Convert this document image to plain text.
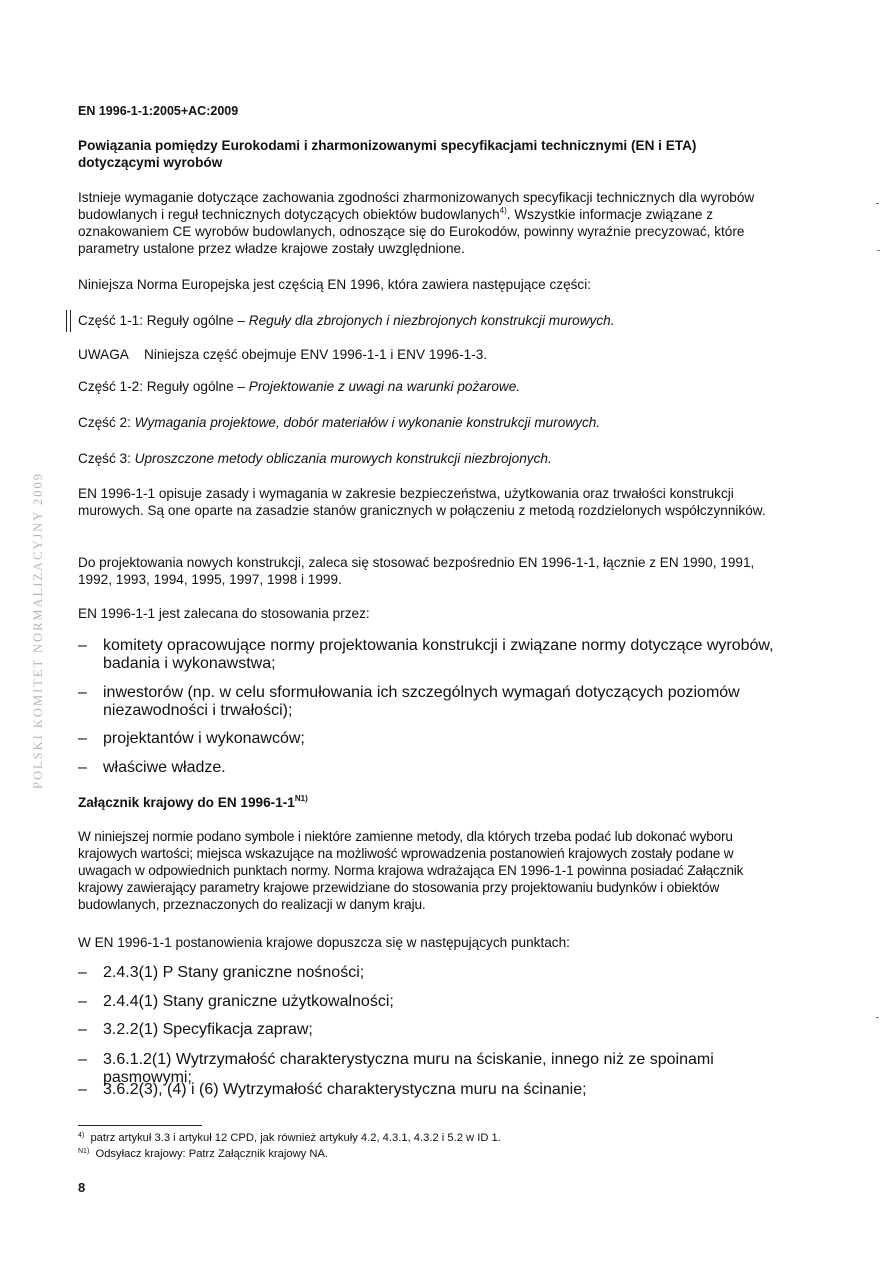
POLSKI KOMITET NORMALIZACYJNY 2009
EN 1996-1-1:2005+AC:2009
Powiązania pomiędzy Eurokodami i zharmonizowanymi specyfikacjami technicznymi (EN i ETA) dotyczącymi wyrobów
Istnieje wymaganie dotyczące zachowania zgodności zharmonizowanych specyfikacji technicznych dla wyrobów budowlanych i reguł technicznych dotyczących obiektów budowlanych$^{4)}$. Wszystkie informacje związane z oznakowaniem CE wyrobów budowlanych, odnoszące się do Eurokodów, powinny wyraźnie precyzować, które parametry ustalone przez władze krajowe zostały uwzględnione.
Niniejsza Norma Europejska jest częścią EN 1996, która zawiera następujące części:
Część 1-1: Reguły ogólne – Reguły dla zbrojonych i niezbrojonych konstrukcji murowych.
UWAGA Niniejsza część obejmuje ENV 1996-1-1 i ENV 1996-1-3.
Część 1-2: Reguły ogólne – Projektowanie z uwagi na warunki pożarowe.
Część 2: Wymagania projektowe, dobór materiałów i wykonanie konstrukcji murowych.
Część 3: Uproszczone metody obliczania murowych konstrukcji niezbrojonych.
EN 1996-1-1 opisuje zasady i wymagania w zakresie bezpieczeństwa, użytkowania oraz trwałości konstrukcji murowych. Są one oparte na zasadzie stanów granicznych w połączeniu z metodą rozdzielonych współczynników.
Do projektowania nowych konstrukcji, zaleca się stosować bezpośrednio EN 1996-1-1, łącznie z EN 1990, 1991, 1992, 1993, 1994, 1995, 1997, 1998 i 1999.
EN 1996-1-1 jest zalecana do stosowania przez:
– komitety opracowujące normy projektowania konstrukcji i związane normy dotyczące wyrobów, badania i wykonawstwa;
– inwestorów (np. w celu sformułowania ich szczególnych wymagań dotyczących poziomów niezawodności i trwałości);
– projektantów i wykonawców;
– właściwe władze.
Załącznik krajowy do EN $1996-1-1^{N1)}$
W niniejszej normie podano symbole i niektóre zamienne metody, dla których trzeba podać lub dokonać wyboru krajowych wartości; miejsca wskazujące na możliwość wprowadzenia postanowień krajowych zostały podane w uwagach w odpowiednich punktach normy. Norma krajowa wdrażająca EN 1996-1-1 powinna posiadać Załącznik krajowy zawierający parametry krajowe przewidziane do stosowania przy projektowaniu budynków i obiektów budowlanych, przeznaczonych do realizacji w danym kraju.
W EN 1996-1-1 postanowienia krajowe dopuszcza się w następujących punktach:
– 2.4.3(1) P Stany graniczne nośności;
– 2.4.4(1) Stany graniczne użytkowalności;
– 3.2.2(1) Specyfikacja zapraw;
– 3.6.1.2(1) Wytrzymałość charakterystyczna muru na ściskanie, innego niż ze spoinami pasmowymi;
– 3.6.2(3), (4) i (6) Wytrzymałość charakterystyczna muru na ścinanie;
$^{4)}$ patrz artykuł 3.3 i artykuł 12 CPD, jak również artykuły 4.2, 4.3.1, 4.3.2 i 5.2 w ID 1.
$^{N1)}$ Odsyłacz krajowy: Patrz Załącznik krajowy NA.
8
